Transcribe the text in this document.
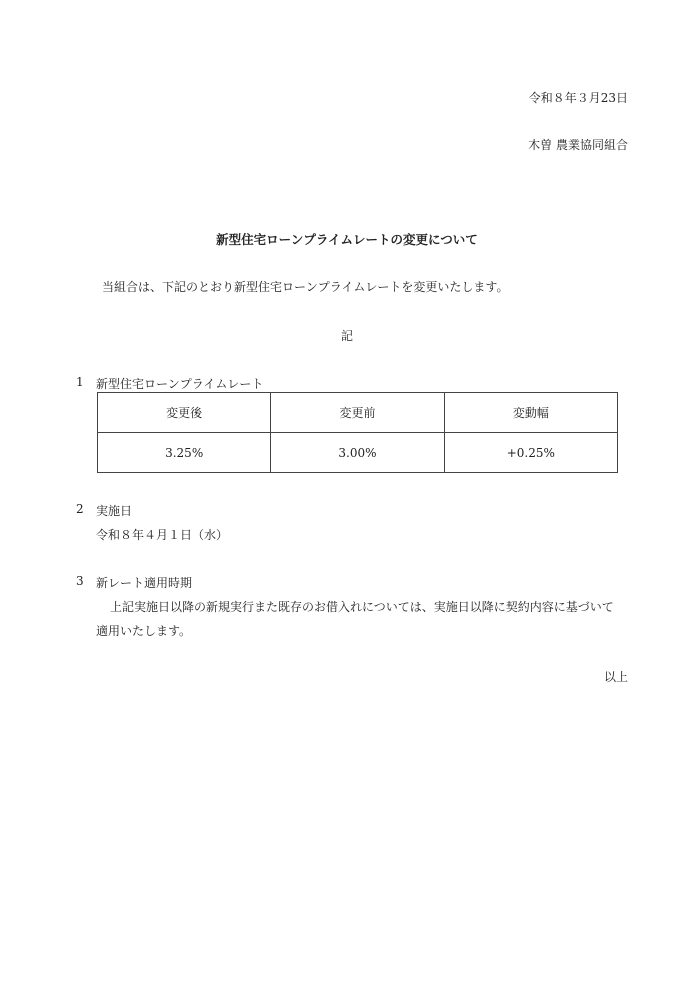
令和８年３月23日
木曽 農業協同組合
新型住宅ローンプライムレートの変更について
当組合は、下記のとおり新型住宅ローンプライムレートを変更いたします。
記
1 新型住宅ローンプライムレート
変更後	変更前	変動幅
3.25%	3.00%	+0.25%
2 実施日
令和８年４月１日（水）
3 新レート適用時期
上記実施日以降の新規実行また既存のお借入れについては、実施日以降に契約内容に基づいて
適用いたします。
以上
